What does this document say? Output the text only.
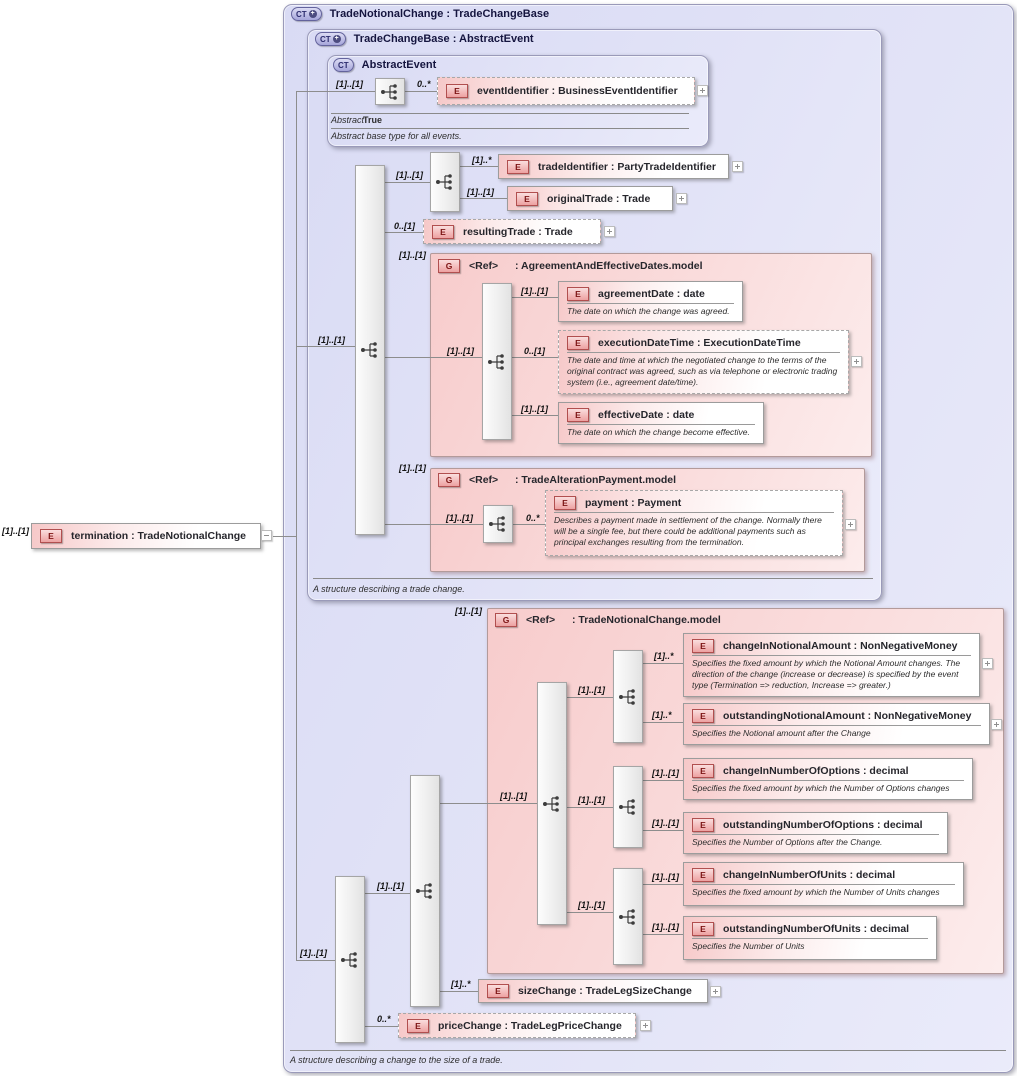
CT + TradeNotionalChange : TradeChangeBase
CT + TradeChangeBase : AbstractEvent
CT AbstractEvent
G	<Ref>	: AgreementAndEffectiveDates.model
G	<Ref>	: TradeAlterationPayment.model
G	<Ref>	: TradeNotionalChange.model
Abstract
True
Abstract base type for all events.
A structure describing a trade change.
A structure describing a change to the size of a trade.
[1]..[1]	E	termination : TradeNotionalChange
[1]..[1]	0..*
E	eventIdentifier : BusinessEventIdentifier
[1]..[1]
[1]..[1]
[1]..*
E	tradeIdentifier : PartyTradeIdentifier
[1]..[1]
E	originalTrade : Trade
0..[1]
E	resultingTrade : Trade
[1]..[1]
[1]..[1]
[1]..[1]	E	agreementDate : date
The date on which the change was agreed.
0..[1]
E	executionDateTime : ExecutionDateTime
The date and time at which the negotiated change to the terms of the original contract was agreed, such as via telephone or electronic trading system (i.e., agreement date/time).
[1]..[1]
E	effectiveDate : date
The date on which the change become effective.
[1]..[1]
[1]..[1]	0..*
E	payment : Payment
Describes a payment made in settlement of the change. Normally there will be a single fee, but there could be additional payments such as principal exchanges resulting from the termination.
[1]..[1]
[1]..[1]
[1]..[1]
[1]..[1]
[1]..[1]
[1]..*
E	changeInNotionalAmount : NonNegativeMoney
Specifies the fixed amount by which the Notional Amount changes. The direction of the change (increase or decrease) is specified by the event type (Termination => reduction, Increase => greater.)
[1]..*	E	outstandingNotionalAmount : NonNegativeMoney
Specifies the Notional amount after the Change
[1]..[1]
[1]..[1]	E	changeInNumberOfOptions : decimal
Specifies the fixed amount by which the Number of Options changes
[1]..[1]	E	outstandingNumberOfOptions : decimal
Specifies the Number of Options after the Change.
[1]..[1]
[1]..[1]	E	changeInNumberOfUnits : decimal
Specifies the fixed amount by which the Number of Units changes
[1]..[1]	E	outstandingNumberOfUnits : decimal
Specifies the Number of Units
[1]..*
E	sizeChange : TradeLegSizeChange
0..*
E	priceChange : TradeLegPriceChange
